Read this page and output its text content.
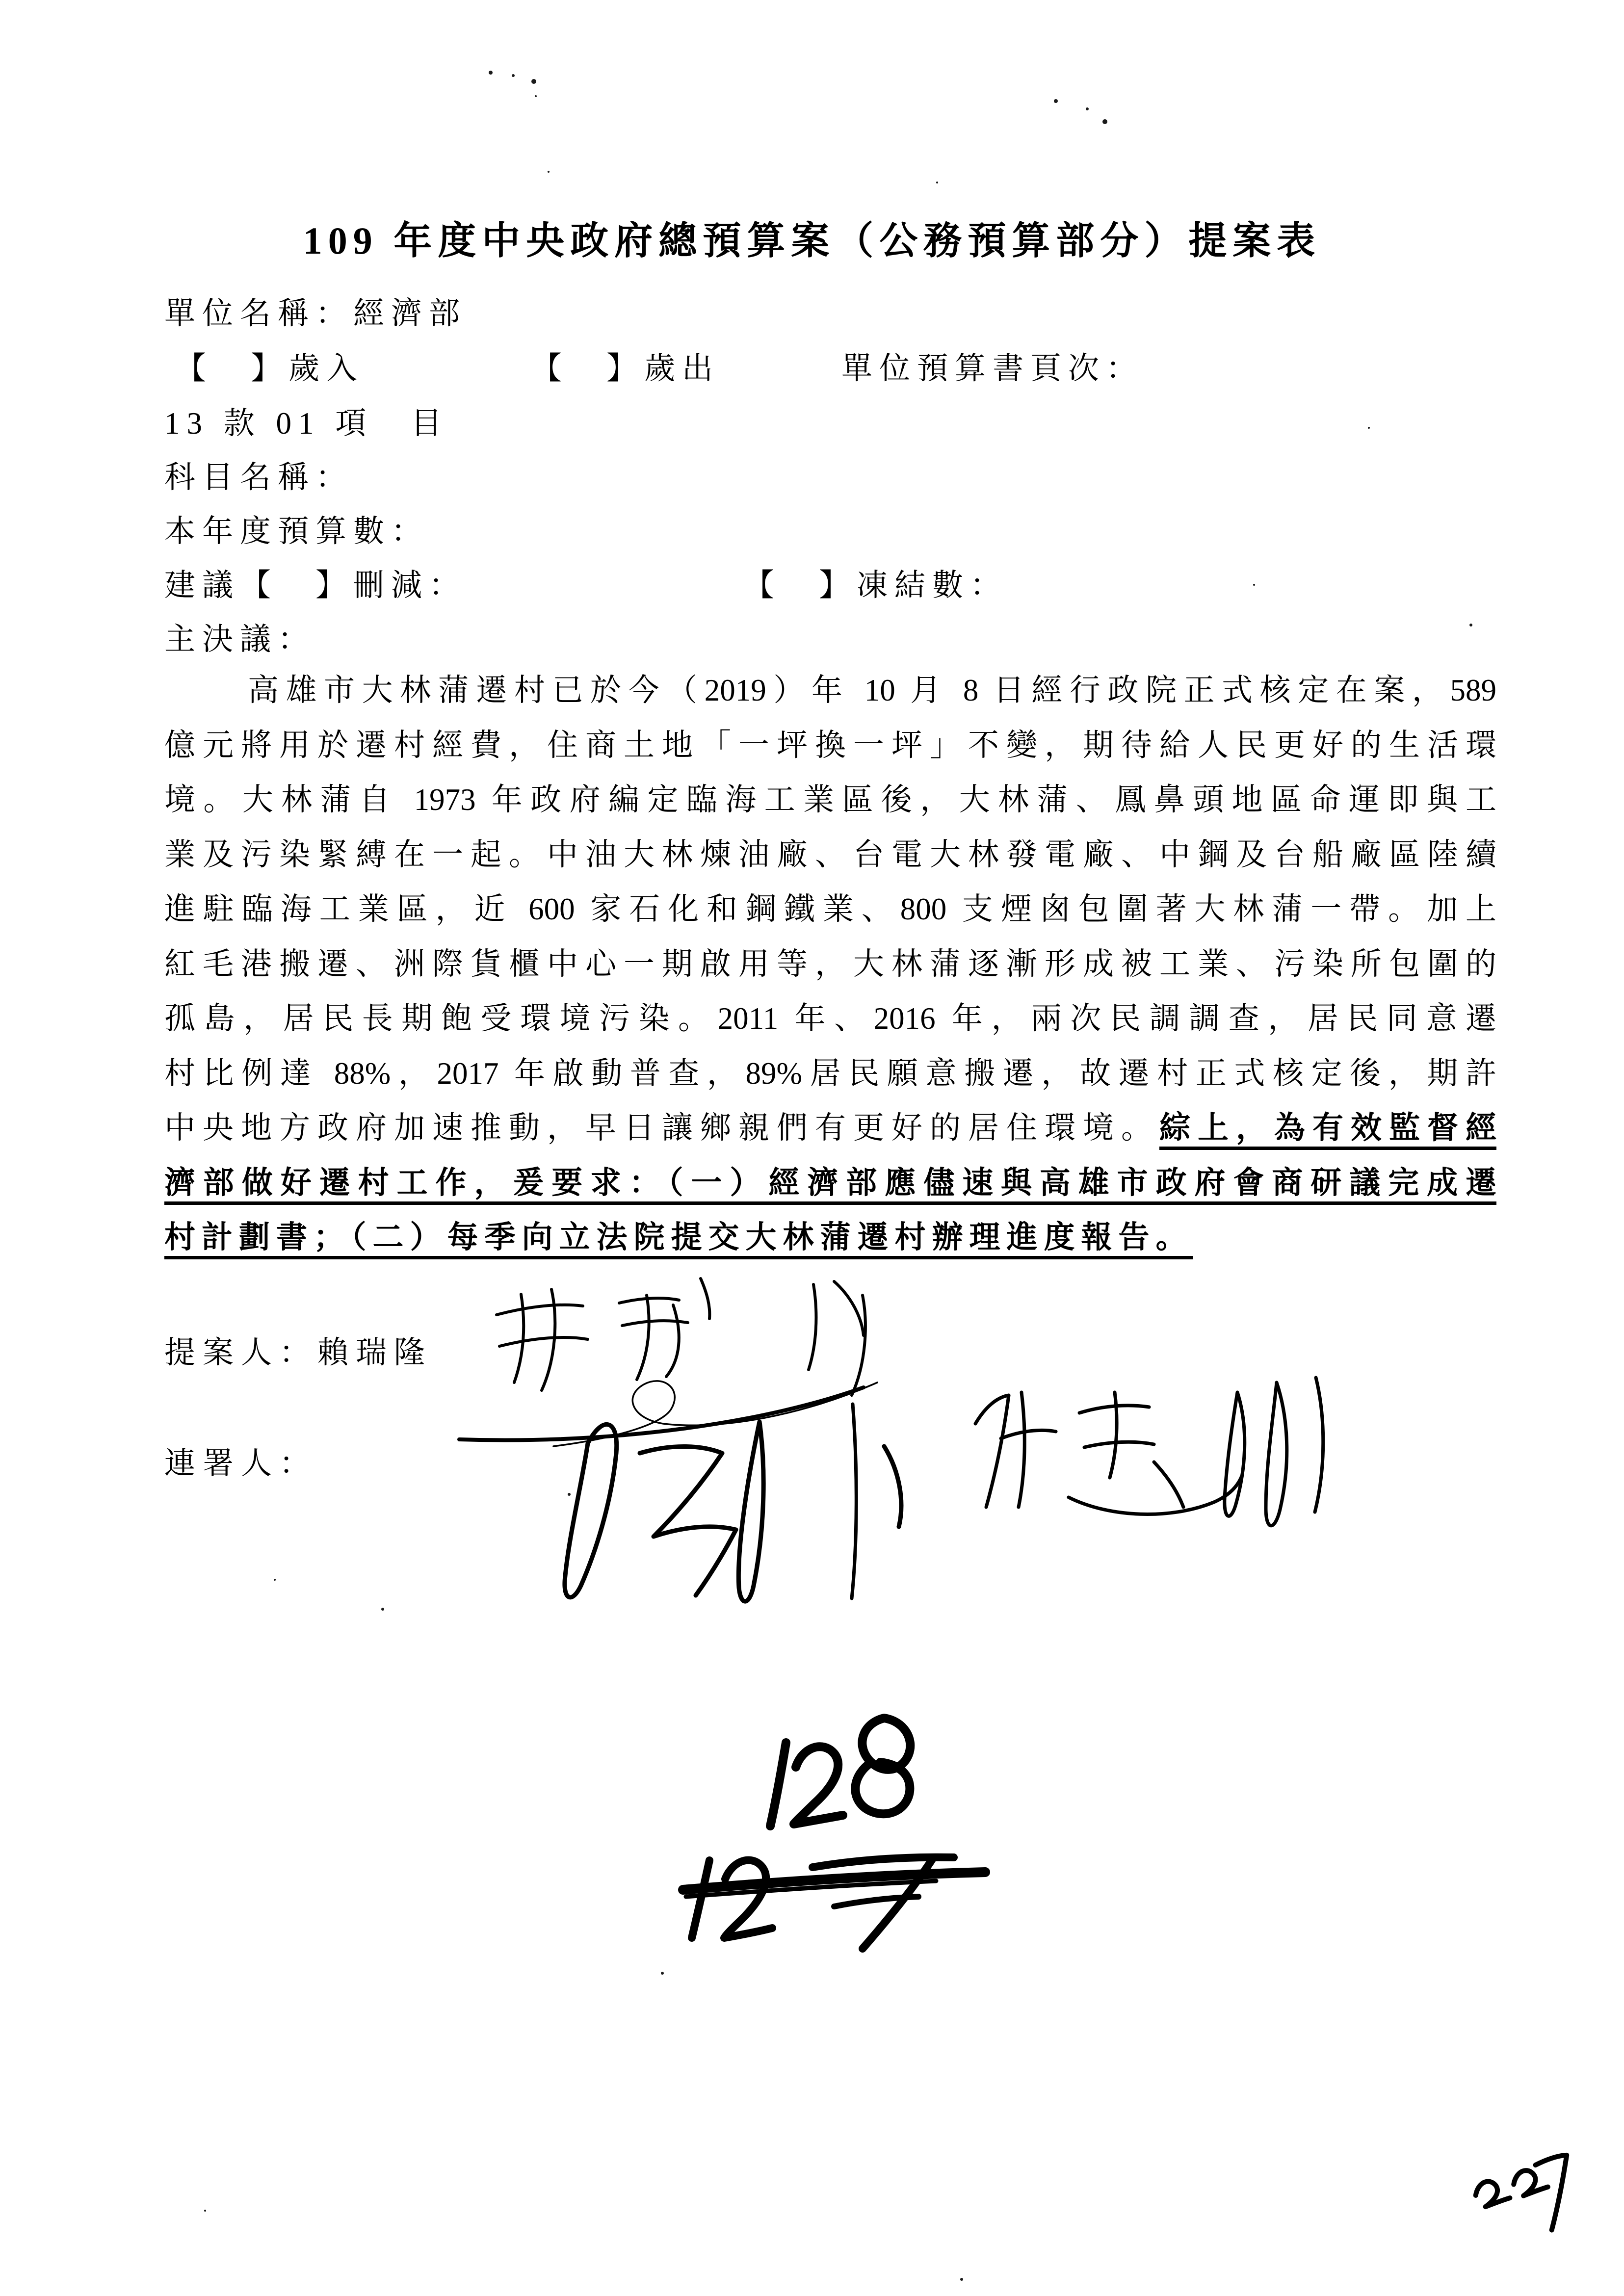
109 年度中央政府總預算案（公務預算部分）提案表
單位名稱：經濟部

【　】歲入

	【　】歲出

	單位預算書頁次：

13 款 01 項　目
科目名稱：
本年度預算數：

建議【　】刪減：

	【　】凍結數：

主決議：
高雄市大林蒲遷村已於今（2019）年 10 月 8 日經行政院正式核定在案，589
億元將用於遷村經費，住商土地「一坪換一坪」不變，期待給人民更好的生活環
境。大林蒲自 1973 年政府編定臨海工業區後，大林蒲、鳳鼻頭地區命運即與工
業及污染緊縛在一起。中油大林煉油廠、台電大林發電廠、中鋼及台船廠區陸續
進駐臨海工業區，近 600 家石化和鋼鐵業、800 支煙囪包圍著大林蒲一帶。加上
紅毛港搬遷、洲際貨櫃中心一期啟用等，大林蒲逐漸形成被工業、污染所包圍的
孤島，居民長期飽受環境污染。2011 年、2016 年，兩次民調調查，居民同意遷
村比例達 88%，2017 年啟動普查，89%居民願意搬遷，故遷村正式核定後，期許
中央地方政府加速推動，早日讓鄉親們有更好的居住環境。綜上，為有效監督經
濟部做好遷村工作，爰要求：（一）經濟部應儘速與高雄市政府會商研議完成遷
村計劃書；（二）每季向立法院提交大林蒲遷村辦理進度報告。
提案人：賴瑞隆
連署人：
